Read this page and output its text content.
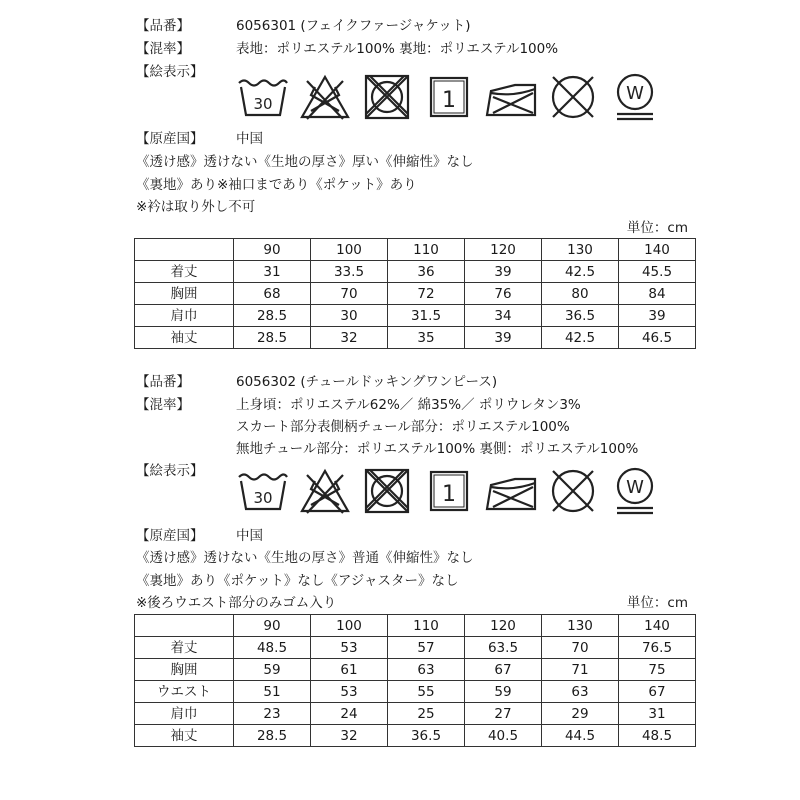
【品番】	6056301 (フェイクファージャケット)
【混率】	表地：ポリエステル100% 裏地：ポリエステル100%
【絵表示】
30	1	W
【原産国】 中国
《透け感》透けない《生地の厚さ》厚い《伸縮性》なし
《裏地》あり※袖口まであり《ポケット》あり
※衿は取り外し不可
単位：cm
	90	100	110	120	130	140
着丈	31	33.5	36	39	42.5	45.5
胸囲	68	70	72	76	80	84
肩巾	28.5	30	31.5	34	36.5	39
袖丈	28.5	32	35	39	42.5	46.5
【品番】	6056302 (チュールドッキングワンピース)
【混率】	上身頃：ポリエステル62%／ 綿35%／ ポリウレタン3%
スカート部分表側柄チュール部分：ポリエステル100%
無地チュール部分：ポリエステル100% 裏側：ポリエステル100%
【絵表示】
30	1	W
【原産国】 中国
《透け感》透けない《生地の厚さ》普通《伸縮性》なし
《裏地》あり《ポケット》なし《アジャスター》なし
※後ろウエスト部分のみゴム入り	単位：cm
	90	100	110	120	130	140
着丈	48.5	53	57	63.5	70	76.5
胸囲	59	61	63	67	71	75
ウエスト	51	53	55	59	63	67
肩巾	23	24	25	27	29	31
袖丈	28.5	32	36.5	40.5	44.5	48.5
